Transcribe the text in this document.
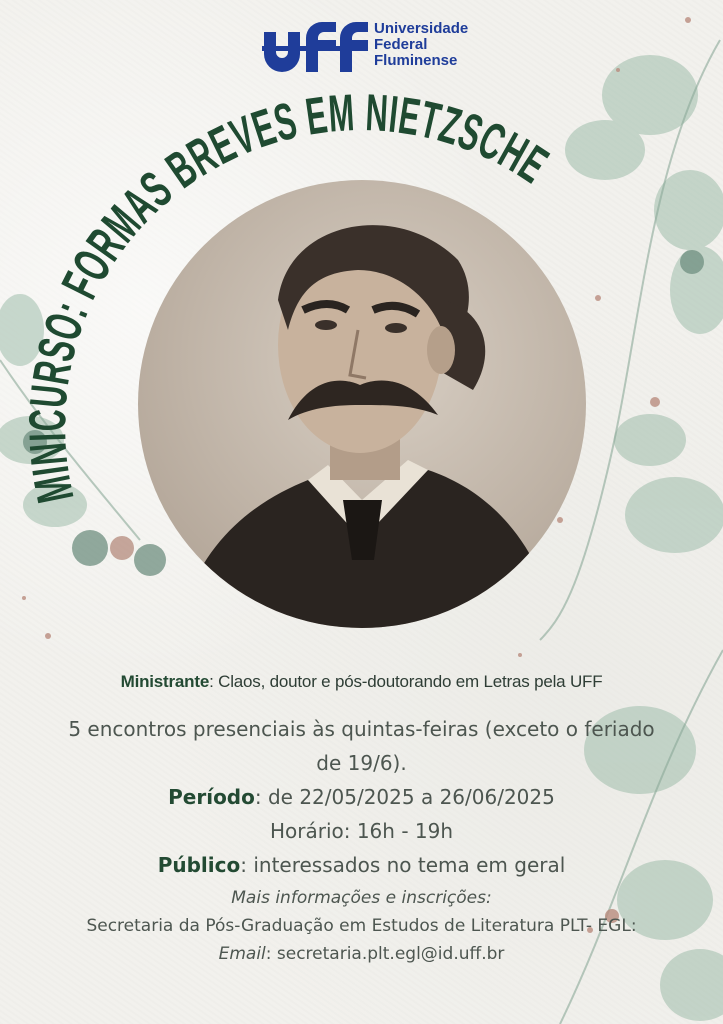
Universidade
Federal
Fluminense
MINICURSO: FORMAS BREVES EM NIETZSCHE
Ministrante: Claos, doutor e pós-doutorando em Letras pela UFF
5 encontros presenciais às quintas-feiras (exceto o feriado de 19/6).
Período: de 22/05/2025 a 26/06/2025
Horário: 16h - 19h
Público: interessados no tema em geral
Mais informações e inscrições:
Secretaria da Pós-Graduação em Estudos de Literatura PLT- EGL:
Email: secretaria.plt.egl@id.uff.br
